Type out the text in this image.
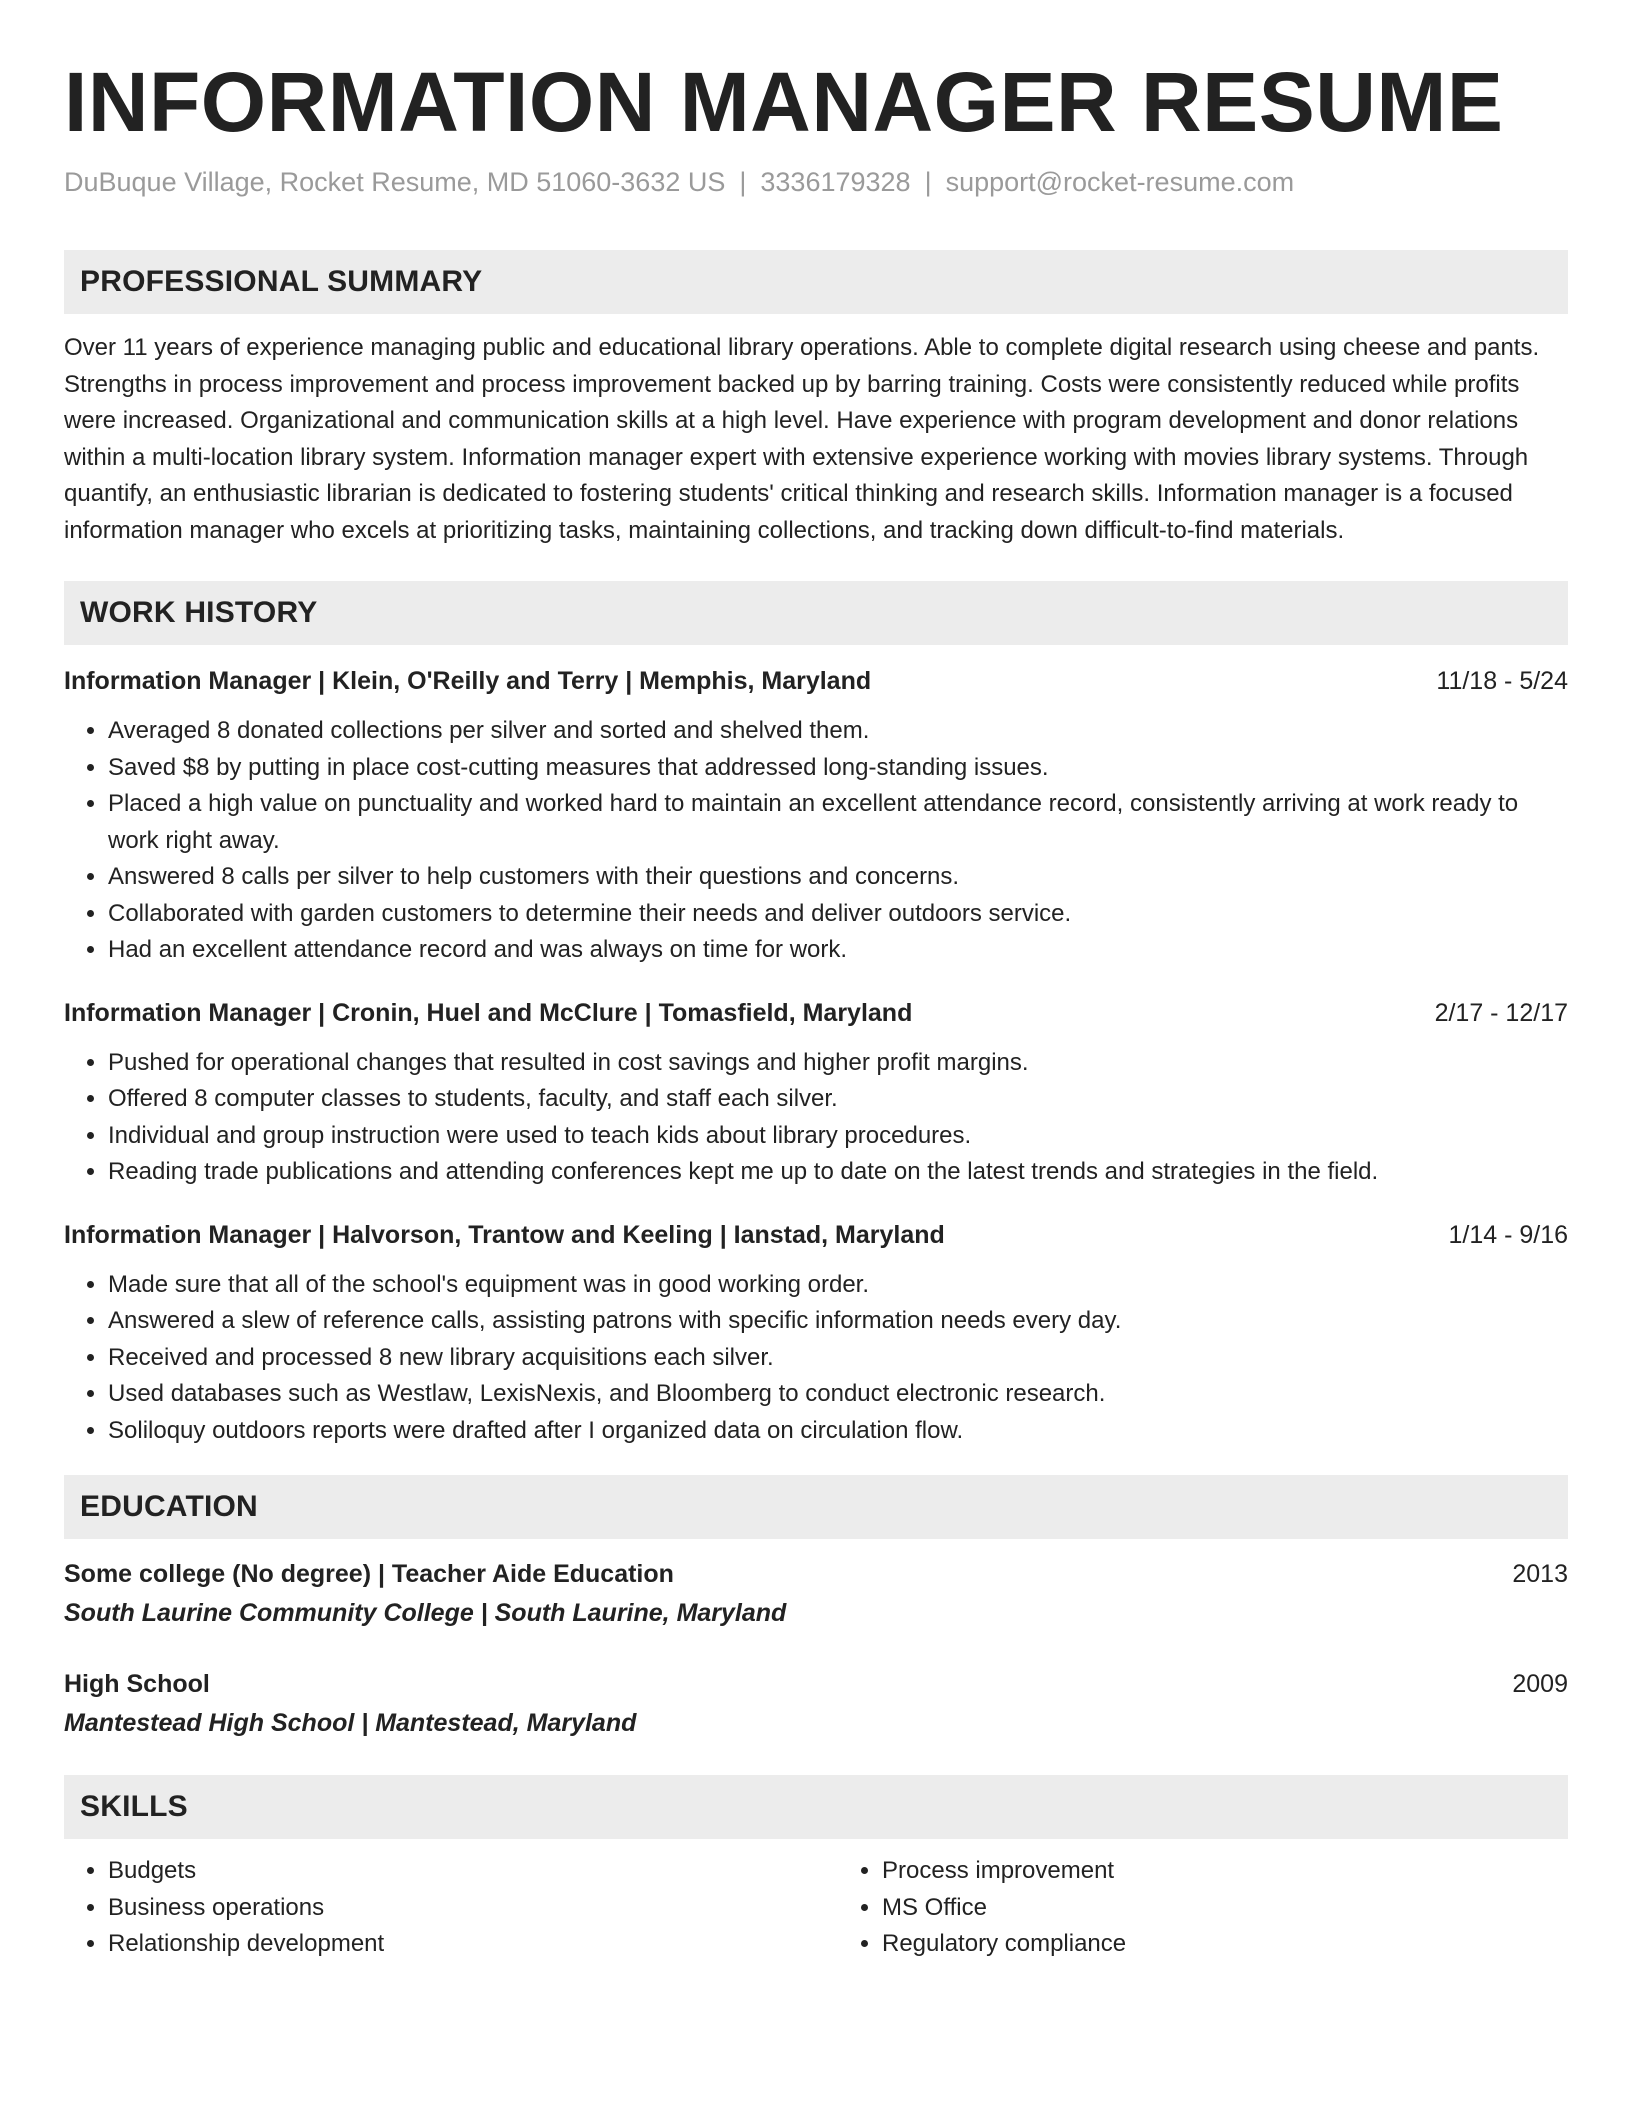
INFORMATION MANAGER RESUME
DuBuque Village, Rocket Resume, MD 51060-3632 US | 3336179328 | support@rocket-resume.com
PROFESSIONAL SUMMARY
Over 11 years of experience managing public and educational library operations. Able to complete digital research using cheese and pants. Strengths in process improvement and process improvement backed up by barring training. Costs were consistently reduced while profits were increased. Organizational and communication skills at a high level. Have experience with program development and donor relations within a multi-location library system. Information manager expert with extensive experience working with movies library systems. Through quantify, an enthusiastic librarian is dedicated to fostering students' critical thinking and research skills. Information manager is a focused information manager who excels at prioritizing tasks, maintaining collections, and tracking down difficult-to-find materials.
WORK HISTORY
Information Manager | Klein, O'Reilly and Terry | Memphis, Maryland	11/18 - 5/24
• Averaged 8 donated collections per silver and sorted and shelved them.
• Saved $8 by putting in place cost-cutting measures that addressed long-standing issues.
• Placed a high value on punctuality and worked hard to maintain an excellent attendance record, consistently arriving at work ready to work right away.
• Answered 8 calls per silver to help customers with their questions and concerns.
• Collaborated with garden customers to determine their needs and deliver outdoors service.
• Had an excellent attendance record and was always on time for work.
Information Manager | Cronin, Huel and McClure | Tomasfield, Maryland	2/17 - 12/17
• Pushed for operational changes that resulted in cost savings and higher profit margins.
• Offered 8 computer classes to students, faculty, and staff each silver.
• Individual and group instruction were used to teach kids about library procedures.
• Reading trade publications and attending conferences kept me up to date on the latest trends and strategies in the field.
Information Manager | Halvorson, Trantow and Keeling | Ianstad, Maryland	1/14 - 9/16
• Made sure that all of the school's equipment was in good working order.
• Answered a slew of reference calls, assisting patrons with specific information needs every day.
• Received and processed 8 new library acquisitions each silver.
• Used databases such as Westlaw, LexisNexis, and Bloomberg to conduct electronic research.
• Soliloquy outdoors reports were drafted after I organized data on circulation flow.
EDUCATION
Some college (No degree) | Teacher Aide Education	2013
South Laurine Community College | South Laurine, Maryland
High School	2009
Mantestead High School | Mantestead, Maryland
SKILLS
• Budgets
• Business operations
• Relationship development
• Process improvement
• MS Office
• Regulatory compliance
